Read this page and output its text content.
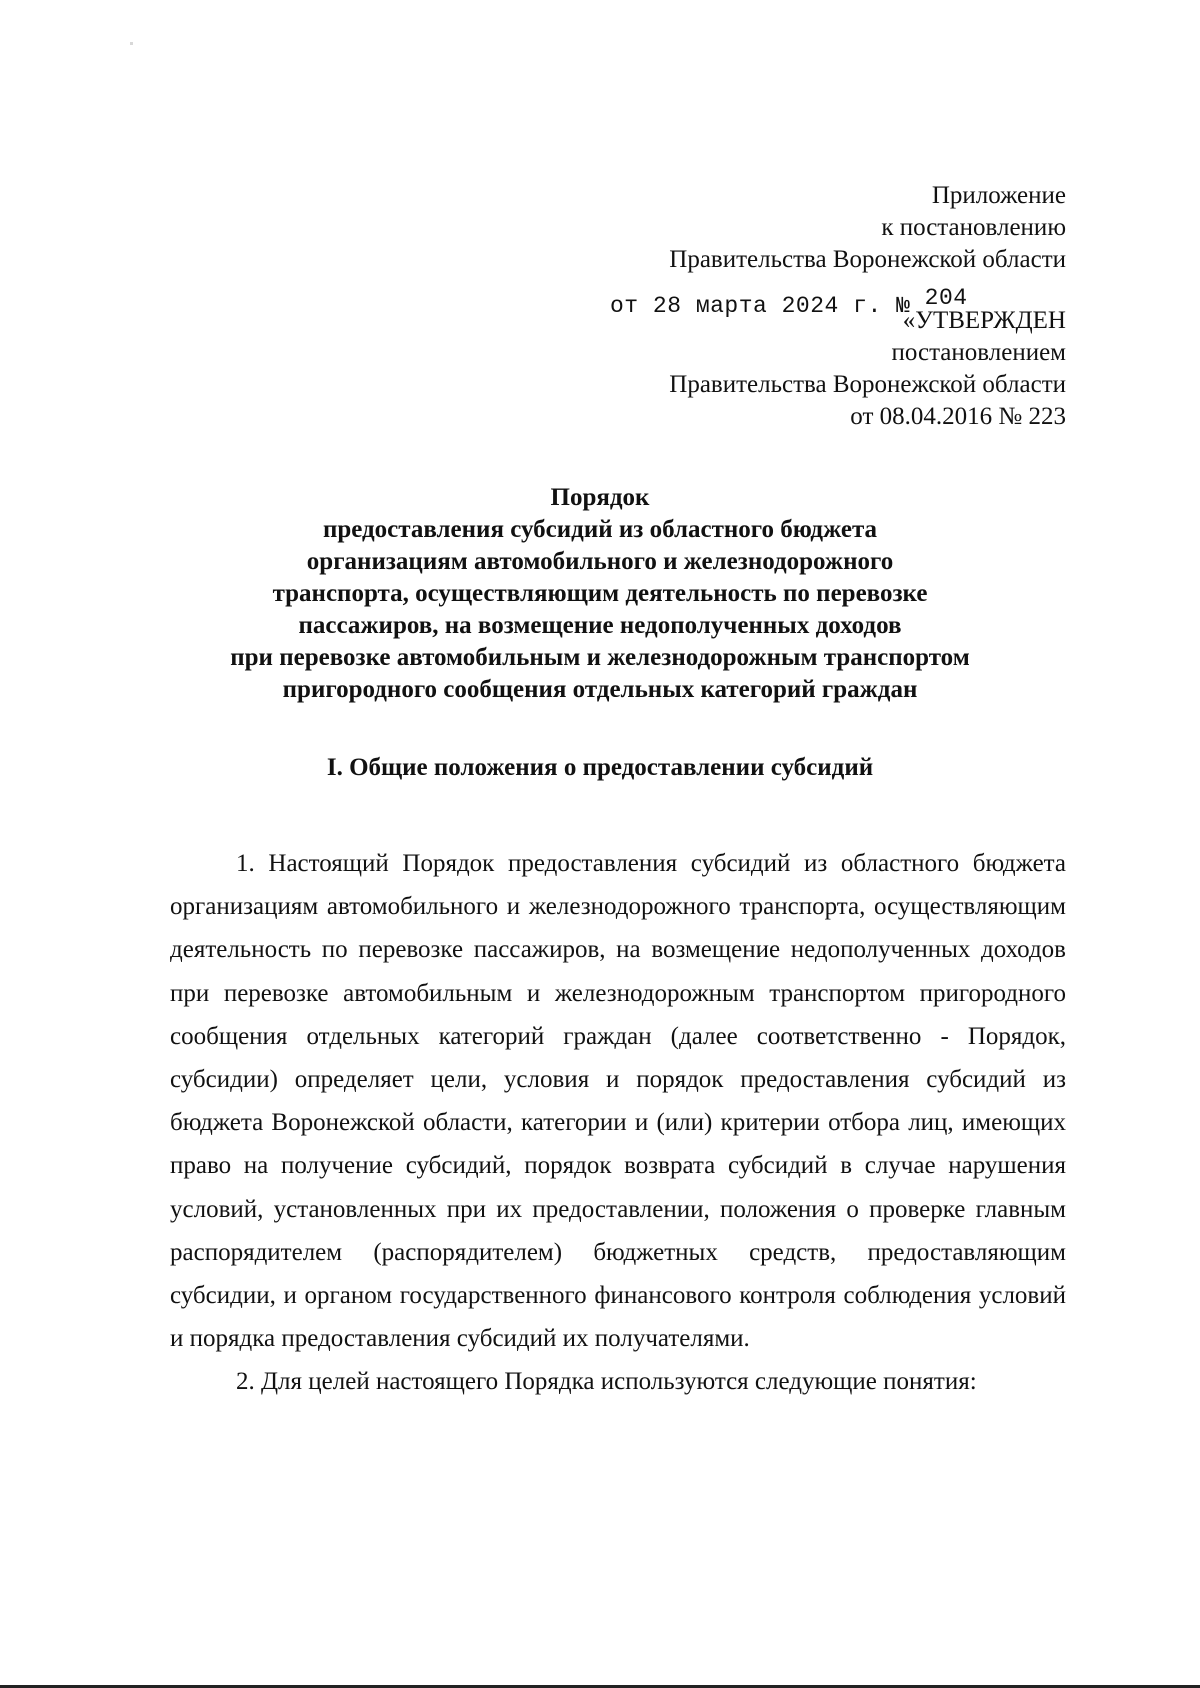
Приложение
к постановлению
Правительства Воронежской области
от 28 марта 2024 г. № 204
«УТВЕРЖДЕН
постановлением
Правительства Воронежской области
от 08.04.2016 № 223
Порядок
предоставления субсидий из областного бюджета
организациям автомобильного и железнодорожного
транспорта, осуществляющим деятельность по перевозке
пассажиров, на возмещение недополученных доходов
при перевозке автомобильным и железнодорожным транспортом
пригородного сообщения отдельных категорий граждан
I. Общие положения о предоставлении субсидий

1. Настоящий Порядок предоставления субсидий из областного бюджета организациям автомобильного и железнодорожного транспорта, осуществляющим деятельность по перевозке пассажиров, на возмещение недополученных доходов при перевозке автомобильным и железнодорожным транспортом пригородного сообщения отдельных категорий граждан (далее соответственно - Порядок, субсидии) определяет цели, условия и порядок предоставления субсидий из бюджета Воронежской области, категории и (или) критерии отбора лиц, имеющих право на получение субсидий, порядок возврата субсидий в случае нарушения условий, установленных при их предоставлении, положения о проверке главным распорядителем (распорядителем) бюджетных средств, предоставляющим субсидии, и органом государственного финансового контроля соблюдения условий и порядка предоставления субсидий их получателями.

2. Для целей настоящего Порядка используются следующие понятия:
